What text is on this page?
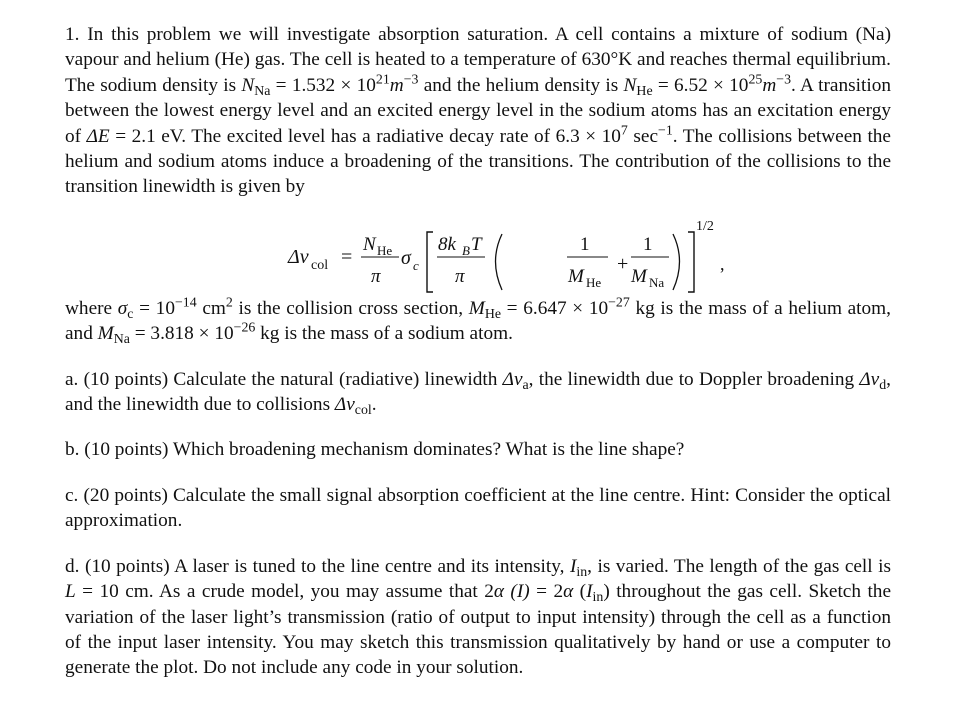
1. In this problem we will investigate absorption saturation. A cell contains a mixture of sodium (Na) vapour and helium (He) gas. The cell is heated to a temperature of 630°K and reaches thermal equilibrium. The sodium density is $N_{Na} = 1.532 \times 10^{21}m^{-3}$ and the helium density is $N_{He} = 6.52 \times 10^{25}m^{-3}$. A transition between the lowest energy level and an excited energy level in the sodium atoms has an excitation energy of ΔE = 2.1 eV. The excited level has a radiative decay rate of $6.3 \times 10^7$ $\sec^{-1}$. The collisions between the helium and sodium atoms induce a broadening of the transitions. The contribution of the collisions to the transition linewidth is given by

Δν col =
N He
π
σ c
8k B T
π
1
M He
+
1
M Na
1/2
,

where $\sigma_c = 10^{-14}$ $cm^2$ is the collision cross section, $M_{He} = 6.647 \times 10^{-27}$ kg is the mass of a helium atom, and $M_{Na} = 3.818 \times 10^{-26}$ kg is the mass of a sodium atom.

a. (10 points) Calculate the natural (radiative) linewidth $\Delta\nu_a$, the linewidth due to Doppler broadening $\Delta\nu_d$, and the linewidth due to collisions $\Delta\nu_{col}$.

b. (10 points) Which broadening mechanism dominates? What is the line shape?

c. (20 points) Calculate the small signal absorption coefficient at the line centre. Hint: Consider the optical approximation.

d. (10 points) A laser is tuned to the line centre and its intensity, $I_{in}$, is varied. The length of the gas cell is L = 10 cm. As a crude model, you may assume that 2α (I) = 2α $(I_{in})$ throughout the gas cell. Sketch the variation of the laser light’s transmission (ratio of output to input intensity) through the cell as a function of the input laser intensity. You may sketch this transmission qualitatively by hand or use a computer to generate the plot. Do not include any code in your solution.
